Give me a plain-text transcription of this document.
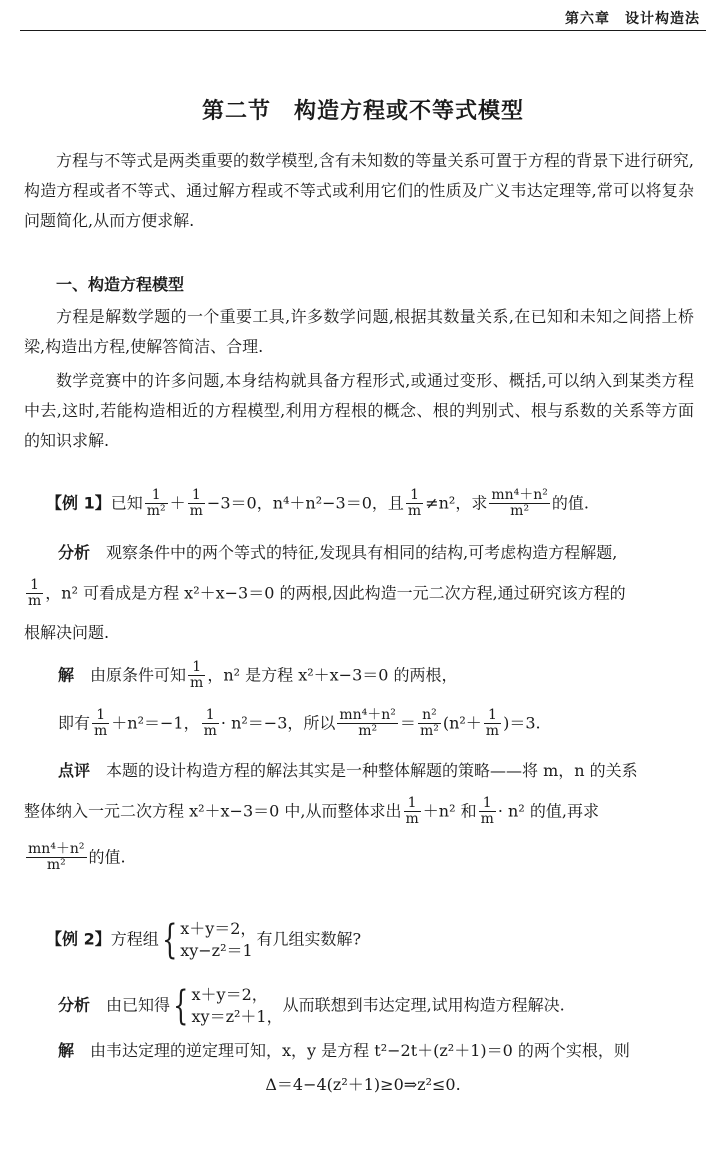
第六章　设计构造法
第二节　构造方程或不等式模型

方程与不等式是两类重要的数学模型,含有未知数的等量关系可置于方程的背景下进行研究,构造方程或者不等式、通过解方程或不等式或利用它们的性质及广义韦达定理等,常可以将复杂问题简化,从而方便求解.

一、构造方程模型

方程是解数学题的一个重要工具,许多数学问题,根据其数量关系,在已知和未知之间搭上桥梁,构造出方程,使解答简洁、合理.

数学竞赛中的许多问题,本身结构就具备方程形式,或通过变形、概括,可以纳入到某类方程中去,这时,若能构造相近的方程模型,利用方程根的概念、根的判别式、根与系数的关系等方面的知识求解.

【例 1】已知 $\frac{1}{\text{m²}} + \frac{1}{m} -3=0$，n⁴＋n²−3＝0，且 $\frac{1}{m} \ne n^2$，求 $\frac{\text{mn⁴＋n²}}{\text{m²}}$ 的值.
分析　 观察条件中的两个等式的特征,发现具有相同的结构,可考虑构造方程解题,
$\frac{1}{m}$ ，n² 可看成是方程 x²＋x−3＝0 的两根,因此构造一元二次方程,通过研究该方程的
根解决问题.
解　 由原条件可知 $\frac{1}{m}$ ，n² 是方程 x²＋x−3＝0 的两根，
即有 $\frac{1}{m} +n^2=-1$， $\frac{1}{m} \cdot n^2=-3$，所以 $\frac{\text{mn⁴＋n²}}{\text{m²}} = \frac{\text{n²}}{\text{m²}} (n^2+ \frac{1}{m} )=3$.
点评　 本题的设计构造方程的解法其实是一种整体解题的策略——将 m，n 的关系
整体纳入一元二次方程 x²＋x−3＝0 中,从而整体求出 $\frac{1}{m} +n^2$ 和 $\frac{1}{m} \cdot n^2$ 的值,再求
$\frac{\text{mn⁴＋n²}}{\text{m²}}$ 的值.
【例 2】方程组{ x＋y＝2，
xy−z²＝1
有几组实数解?
分析　 由已知得{ x＋y＝2，
xy＝z²＋1，
从而联想到韦达定理,试用构造方程解决.
解　 由韦达定理的逆定理可知，x，y 是方程 t²−2t＋(z²＋1)＝0 的两个实根，则
Δ＝4−4(z²＋1)≥0⇒z²≤0.
